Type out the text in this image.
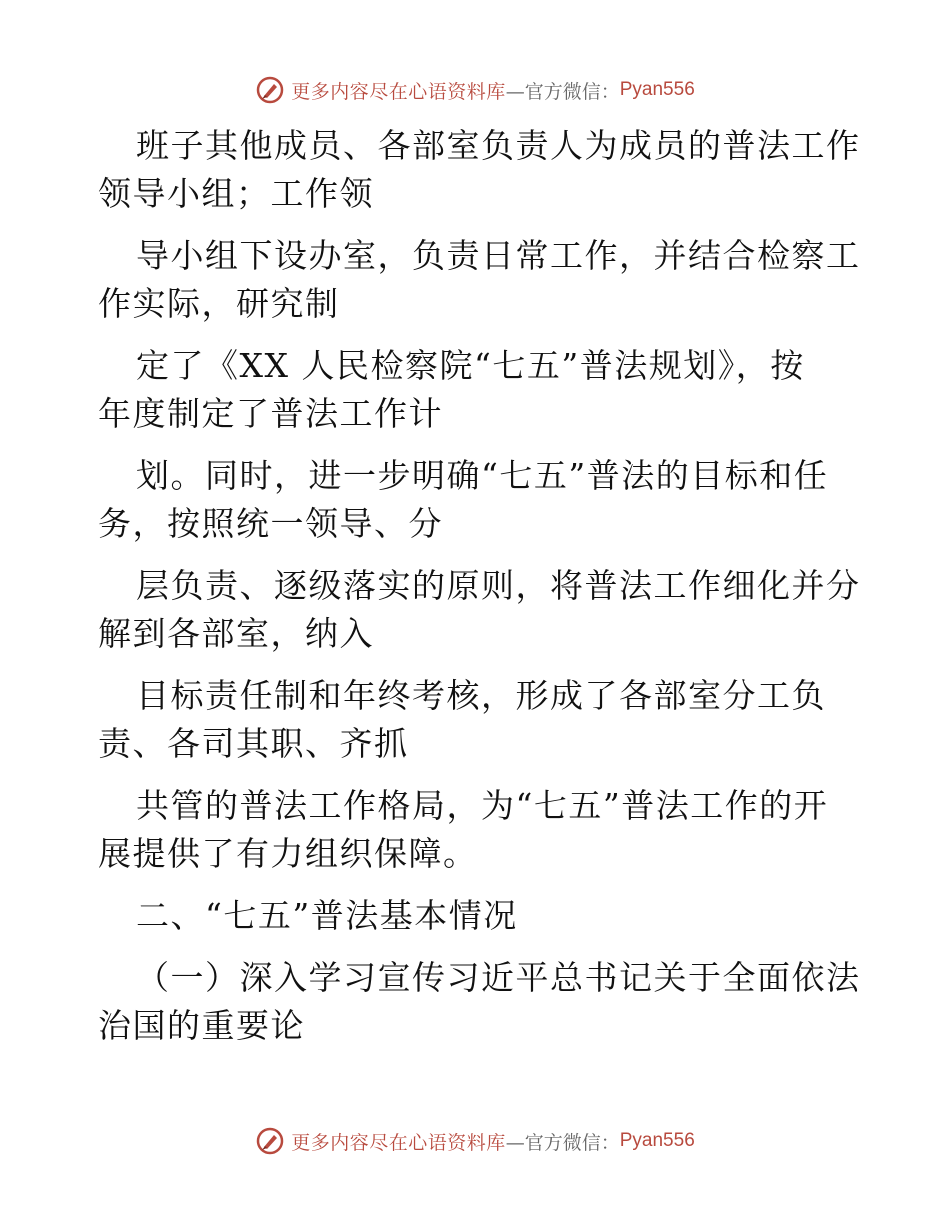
更多内容尽在心语资料库 —官方微信： Pyan556
班子其他成员、各部室负责人为成员的普法工作
领导小组；工作领
导小组下设办室，负责日常工作，并结合检察工
作实际，研究制
定了《XX 人民检察院“七五”普法规划》，按
年度制定了普法工作计
划。同时，进一步明确“七五”普法的目标和任
务，按照统一领导、分
层负责、逐级落实的原则，将普法工作细化并分
解到各部室，纳入
目标责任制和年终考核，形成了各部室分工负
责、各司其职、齐抓
共管的普法工作格局，为“七五”普法工作的开
展提供了有力组织保障。
二、“七五”普法基本情况
（一）深入学习宣传习近平总书记关于全面依法
治国的重要论
更多内容尽在心语资料库 —官方微信： Pyan556
